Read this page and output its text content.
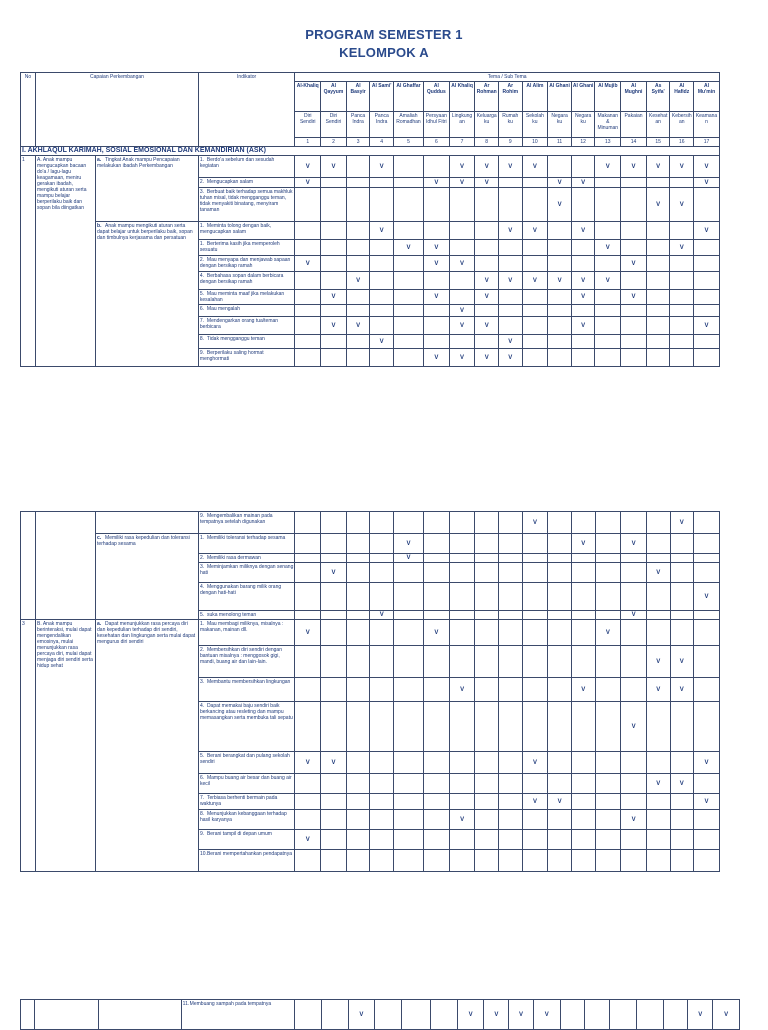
PROGRAM SEMESTER 1
KELOMPOK A
No	Capaian Perkembangan		Indikator	Tema / Sub Tema																
				Al-Khaliq	Al Qayyum	Al Basyir	Al Sami'	Al Ghaffar	Al Quddus	Al Khaliq	Ar Rohman	Ar Rohim	Al Alim	Al Ghani	Al Ghani	Al Mujib	Al Mughni	As Syifa'	Al Hafidz	Al Mu'min
				Diri Sendiri	Diri Sendiri	Panca Indra	Panca Indra	Amaliah Romadhan	Persyaan Idhul Fitri	Lingkungan	Keluarga ku	Rumah ku	Sekolah ku	Negara ku	Negara ku	Makanan & Minuman	Pakaian	Kesehatan	Kebersihan	Keamanan
				1	2	3	4	5	6	7	8	9	10	11	12	13	14	15	16	17
I. AKHLAQUL KARIMAH, SOSIAL EMOSIONAL DAN KEMANDIRIAN (ASK)																				
1	A. Anak mampu mengucapkan bacaan do'a / lagu-lagu keagamaan, meniru gerakan ibadah, mengikuti aturan serta mampu belajar berperilaku baik dan sopan bila diingatkan	a. Tingkat Anak mampu Pencapaian melakukan ibadah Perkembangan	1. Berdo'a sebelum dan sesudah kegiatan	V	V		V			V	V	V	V			V	V	V	V	V
			2. Mengucapkan salam	V					V	V	V			V	V					V
			3. Berbuat baik terhadap semua makhluk tuhan misal, tidak mengganggu teman, tidak menyakiti binatang, menyiram tanaman											V				V	V	
		b. Anak mampu mengikuti aturan serta dapat belajar untuk berperilaku baik, sopan dan timbulnya kerjasama dan persatuan	1. Meminta tolong dengan baik, mengucapkan salam				V					V	V		V					V
			1. Berterima kasih jika memperoleh sesuatu					V	V							V			V	
			2. Mau menyapa dan menjawab sapaan dengan bersikap ramah	V					V	V							V			
			4. Berbahasa sopan dalam berbicara dengan bersikap ramah			V					V	V	V	V	V	V				
			5. Mau meminta maaf jika melakukan kesalahan		V				V		V				V		V			
			6. Mau mengalah							V										
			7. Mendengarkan orang tua/teman berbicara		V	V				V	V				V					V
			8. Tidak mengganggu teman				V					V								
			9. Berperilaku saling hormat menghormati						V	V	V	V								
			9. Mengembalikan mainan pada tempatnya setelah digunakan										V						V	
		c. Memiliki rasa kepedulian dan toleransi terhadap sesama	1. Memiliki toleransi terhadap sesama					V							V		V			
			2. Memiliki rasa dermawan					V												
			3. Meminjamkan miliknya dengan senang hati		V													V		
			4. Menggunakan barang milik orang dengan hati-hati																	V
			5. suka menolong teman				V										V			
3	B. Anak mampu berinteraksi, mulai dapat mengendalikan emosinya, mulai menunjukkan rasa percaya diri, mulai dapat menjaga diri sendiri serta hidup sehat	a. Dapat menunjukkan rasa percaya diri dan kepedulian terhadap diri sendiri, kesehatan dan lingkungan serta mulai dapat mengurus diri sendiri	1. Mau membagi miliknya, misalnya : makanan, mainan dll.	V					V							V				
			2. Membersihkan diri sendiri dengan bantuan misalnya : menggosok gigi, mandi, buang air dan lain-lain.															V	V	
			3. Membantu membersihkan lingkungan							V					V			V	V	
			4. Dapat memakai baju sendiri baik berkancing atau resleting dan mampu memasangkan serta membuka tali sepatu														V			
			5. Berani berangkat dan pulang sekolah sendiri	V	V								V							V
			6. Mampu buang air besar dan buang air kecil															V	V	
			7. Terbiasa berhenti bermain pada waktunya										V	V						V
			8. Menunjukkan kebanggaan terhadap hasil karyanya							V							V			
			9. Berani tampil di depan umum	V																
			10.Berani mempertahankan pendapatnya																	
			11.Membuang sampah pada tempatnya			V				V	V	V	V						V	V
